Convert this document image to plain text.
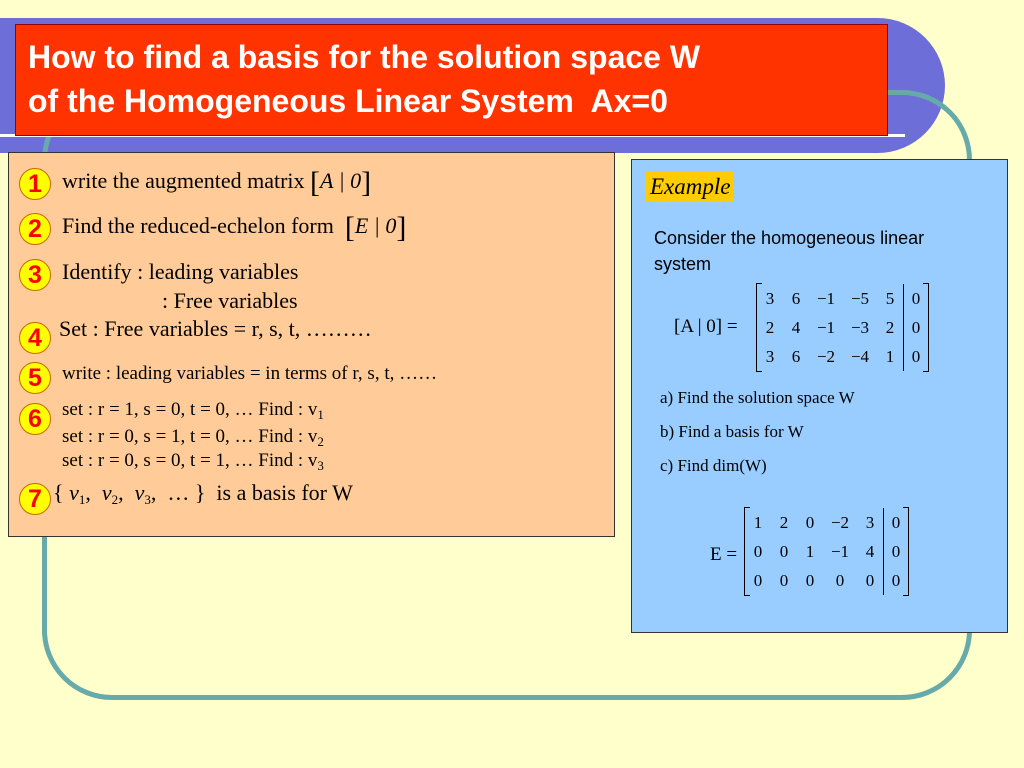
How to find a basis for the solution space W
of the Homogeneous Linear System  Ax=0
1 write the augmented matrix [A | 0]
2 Find the reduced-echelon form [E | 0]
3 Identify : leading variables
: Free variables
4 Set : Free variables = r, s, t, ………
5	write : leading variables = in terms of r, s, t, ……
6	set : r = 1, s = 0, t = 0, … Find : $v_1$
set : r = 0, s = 1, t = 0, … Find : $v_2$
set : r = 0, s = 0, t = 1, … Find : $v_3$
7 { $v_1$,  $v_2$,  $v_3$,  … }  is a basis for W
Example
Consider the homogeneous linear system
[A | 0] =
3	6	−1	−5	5	0
2	4	−1	−3	2	0
3	6	−2	−4	1	0
a) Find the solution space W
b) Find a basis for W
c) Find dim(W)
E =
1	2	0	−2	3	0
0	0	1	−1	4	0
0	0	0	0	0	0
